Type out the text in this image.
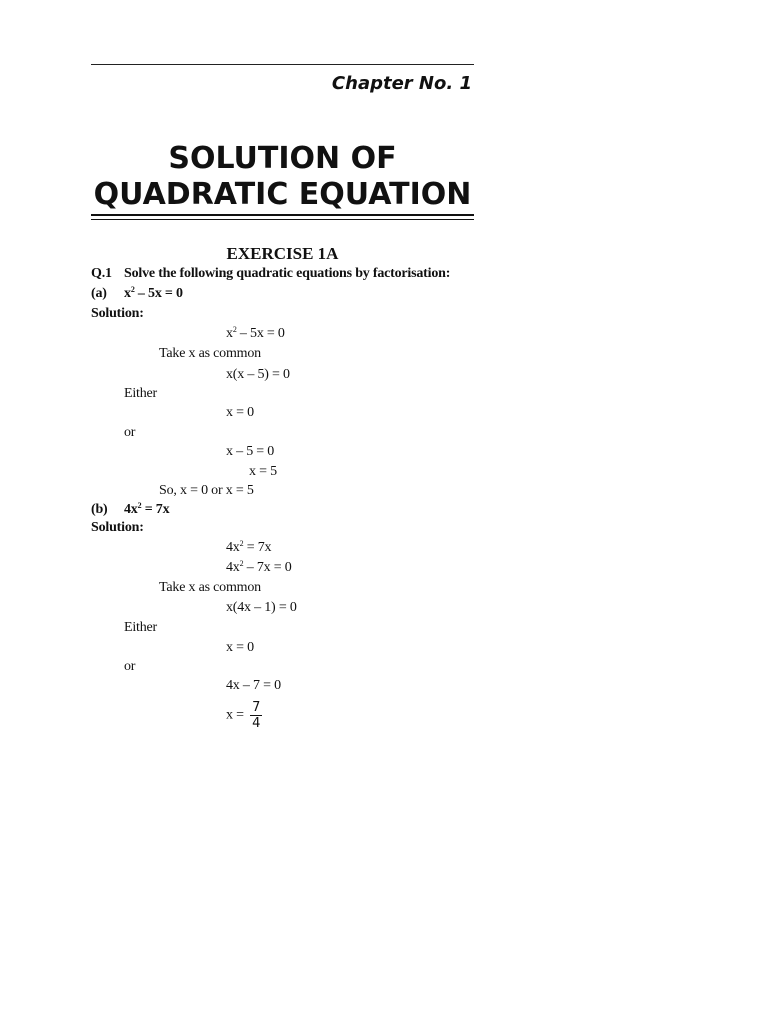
Chapter No. 1
SOLUTION OF
QUADRATIC EQUATION
EXERCISE 1A
Q.1 Solve the following quadratic equations by factorisation:
(a) $x^2 - 5x = 0$
Solution:
$x^2 - 5x = 0$
Take x as common
x(x – 5) = 0
Either
x = 0
or
x – 5 = 0
x = 5
So, x = 0 or x = 5
(b) $4x^2 = 7x$
Solution:
$4x^2 = 7x$
$4x^2 - 7x = 0$
Take x as common
x(4x – 1) = 0
Either
x = 0
or
4x – 7 = 0
$x = \frac{7}{4}$
